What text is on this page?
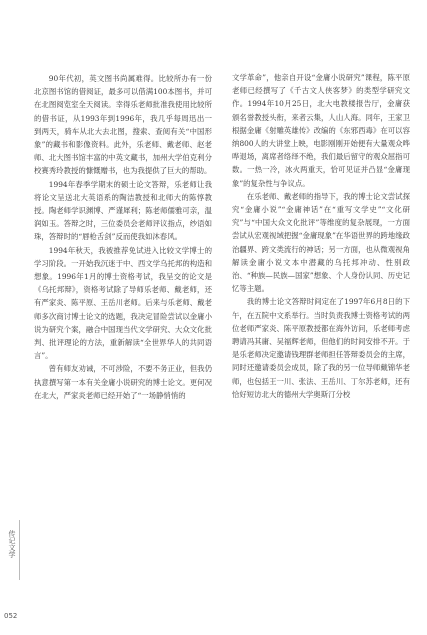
90年代初，英文图书尚属难得。比较所办有一份北京图书馆的借阅证，最多可以借满100本图书，并可在北图阅览室全天阅读。幸得乐老师批准我使用比较所的借书证，从1993年到1996年，我几乎每周迅出一到两天，骑车从北大去北图，搜索、查阅有关“中国形象”的藏书和影像资料。此外，乐老师、戴老师、赵老师、北大图书馆丰富的中英文藏书，加州大学伯克利分校赛秀玲教授的慷慨赠书，也为我提供了巨大的帮助。

1994年春季学期末的硕士论文答辩，乐老师让我将论文呈送北大英语系的陶洁教授和北师大的陈惇教授。陶老师学识渊博、严谨犀利；陈老师儒雅可亲，温润如玉。答辩之时，三位委员会老师评议指点，纱语如珠，答辩时的“唇枪舌剑”反而使我如沐春风。

1994年秋天，我被推荐免试进入比较文学博士的学习阶段。一开始我沉迷于中、西文学乌托邦的构造和想象。1996年1月的博士资格考试，我呈交的论文是《乌托邦辩》，资格考试除了导师乐老师、戴老师，还有严家炎、陈平原、王岳川老师。后来与乐老师、戴老师多次商讨博士论文的选题，我决定冒险尝试以金庸小说为研究个案，融合中国现当代文学研究、大众文化批判、批评理论的方法，重新解读“全世界华人的共同语言”。

曾有师友劝诫，不可涉险，不要不务正业，但我仍执意撰写第一本有关金庸小说研究的博士论文。更何况在北大，严家炎老师已经开始了“一场静悄悄的

文学革命”，他亲自开设“金庸小说研究”课程，陈平原老师已经撰写了《千古文人侠客梦》的类型学研究文作。1994年10月25日，北大电教楼报告厅，金庸获颁名誉教授头衔，来者云集，人山人海。同年，王家卫根据金庸《射雕英雄传》改编的《东邪西毒》在可以容纳800人的大讲堂上映，电影刚刚开始便有大量观众哗哗退场，离席者络绎不绝，我们最后留守的观众屈指可数。一热一冷，冰火两重天，恰可见证并凸显“金庸现象”的复杂性与争议点。

在乐老师、戴老师的指导下，我的博士论文尝试探究“金庸小说”“金庸神话”在“重写文学史”“文化研究”与“中国大众文化批评”等维度的复杂展现，一方面尝试从宏观视域把握“金庸现象”在华语世界的跨地缘政治疆界、跨文类流行的神话；另一方面，也从微观视角解读金庸小说文本中潜藏的乌托邦冲动、性别政治、“种族—民族—国家”想象、个人身份认同、历史记忆等主题。

我的博士论文答辩时间定在了1997年6月8日的下午，在五院中文系举行。当时负责我博士资格考试的两位老师严家炎、陈平原教授都在海外访问，乐老师考虑聘请冯其庸、吴福辉老师，但他们的时间安排不开。于是乐老师决定邀请钱理群老师担任答辩委员会的主席，同时还邀请委员会成员，除了我的另一位导师戴锦华老师，也包括王一川、张法、王岳川、丁尔苏老师，还有恰好短访北大的德州大学奥斯汀分校

传记文学
052
